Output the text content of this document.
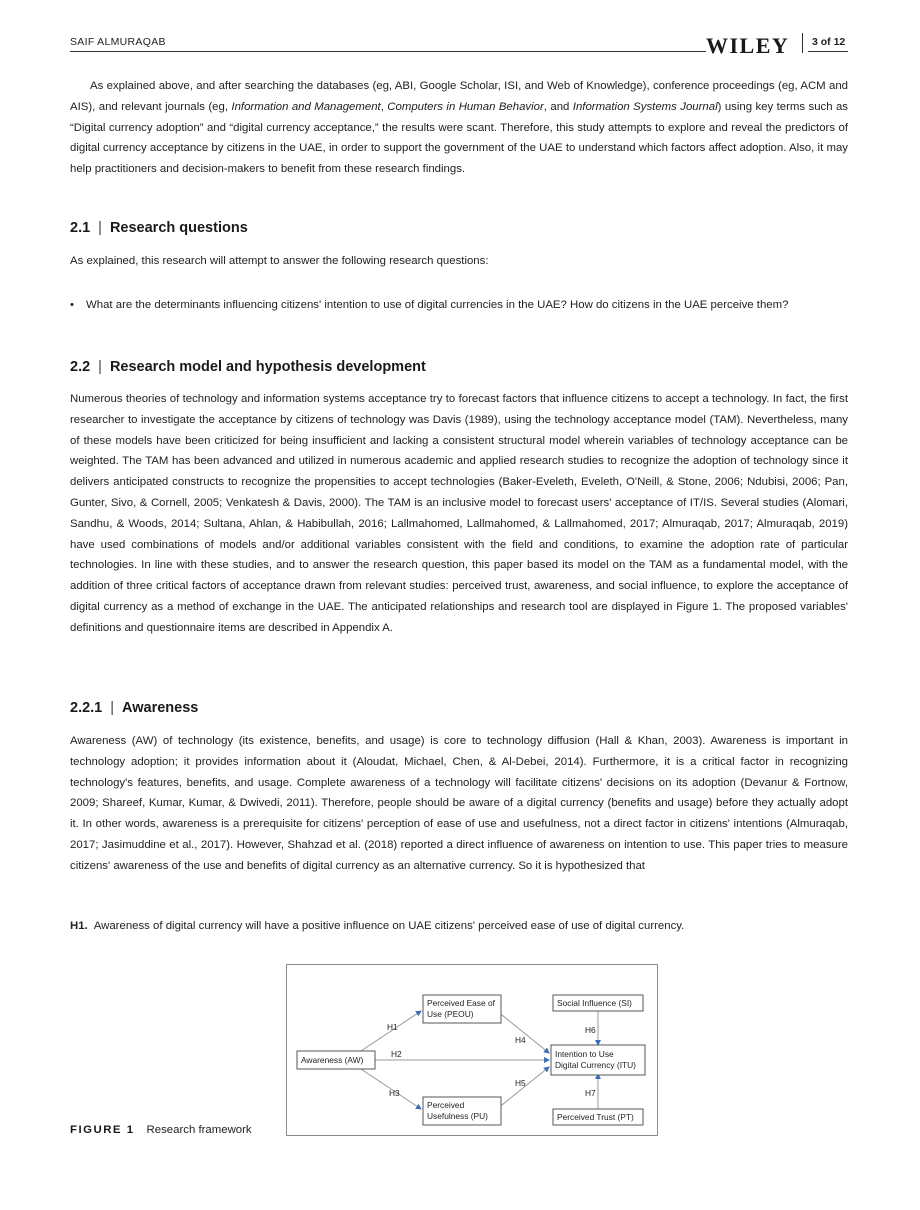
SAIF ALMURAQAB	WILEY 3 of 12

As explained above, and after searching the databases (eg, ABI, Google Scholar, ISI, and Web of Knowledge), conference proceedings (eg, ACM and AIS), and relevant journals (eg, Information and Management, Computers in Human Behavior, and Information Systems Journal) using key terms such as “Digital currency adoption” and “digital currency acceptance,” the results were scant. Therefore, this study attempts to explore and reveal the predictors of digital currency acceptance by citizens in the UAE, in order to support the government of the UAE to understand which factors affect adoption. Also, it may help practitioners and decision-makers to benefit from these research findings.

2.1 | Research questions

As explained, this research will attempt to answer the following research questions:

• What are the determinants influencing citizens' intention to use of digital currencies in the UAE? How do citizens in the UAE perceive them?
2.2 | Research model and hypothesis development

Numerous theories of technology and information systems acceptance try to forecast factors that influence citizens to accept a technology. In fact, the first researcher to investigate the acceptance by citizens of technology was Davis (1989), using the technology acceptance model (TAM). Nevertheless, many of these models have been criticized for being insufficient and lacking a consistent structural model wherein variables of technology acceptance can be weighted. The TAM has been advanced and utilized in numerous academic and applied research studies to recognize the adoption of technology since it delivers anticipated constructs to recognize the propensities to accept technologies (Baker-Eveleth, Eveleth, O'Neill, & Stone, 2006; Ndubisi, 2006; Pan, Gunter, Sivo, & Cornell, 2005; Venkatesh & Davis, 2000). The TAM is an inclusive model to forecast users' acceptance of IT/IS. Several studies (Alomari, Sandhu, & Woods, 2014; Sultana, Ahlan, & Habibullah, 2016; Lallmahomed, Lallmahomed, & Lallmahomed, 2017; Almuraqab, 2017; Almuraqab, 2019) have used combinations of models and/or additional variables consistent with the field and conditions, to examine the adoption rate of particular technologies. In line with these studies, and to answer the research question, this paper based its model on the TAM as a fundamental model, with the addition of three critical factors of acceptance drawn from relevant studies: perceived trust, awareness, and social influence, to explore the acceptance of digital currency as a method of exchange in the UAE. The anticipated relationships and research tool are displayed in Figure 1. The proposed variables' definitions and questionnaire items are described in Appendix A.

2.2.1 | Awareness

Awareness (AW) of technology (its existence, benefits, and usage) is core to technology diffusion (Hall & Khan, 2003). Awareness is important in technology adoption; it provides information about it (Aloudat, Michael, Chen, & Al-Debei, 2014). Furthermore, it is a critical factor in recognizing technology's features, benefits, and usage. Complete awareness of a technology will facilitate citizens' decisions on its adoption (Devanur & Fortnow, 2009; Shareef, Kumar, Kumar, & Dwivedi, 2011). Therefore, people should be aware of a digital currency (benefits and usage) before they actually adopt it. In other words, awareness is a prerequisite for citizens' perception of ease of use and usefulness, not a direct factor in citizens' intentions (Almuraqab, 2017; Jasimuddine et al., 2017). However, Shahzad et al. (2018) reported a direct influence of awareness on intention to use. This paper tries to measure citizens' awareness of the use and benefits of digital currency as an alternative currency. So it is hypothesized that

H1. Awareness of digital currency will have a positive influence on UAE citizens' perceived ease of use of digital currency.
H1
H2
H3
H4
H5
H6
H7
Awareness (AW)
Perceived Ease of
Use (PEOU)
Perceived
Usefulness (PU)
Social Influence (SI)
Intention to Use
Digital Currency (ITU)
Perceived Trust (PT)
FIGURE 1 Research framework
